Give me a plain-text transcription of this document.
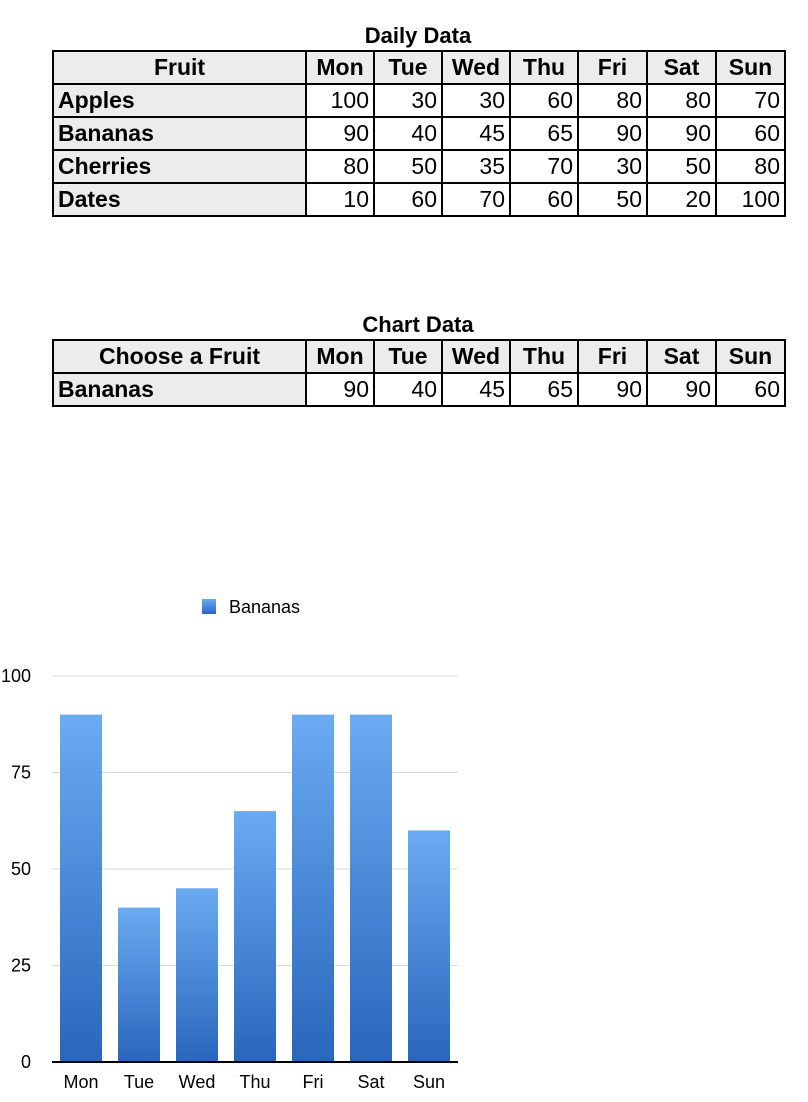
Daily Data
Fruit	Mon	Tue	Wed	Thu	Fri	Sat	Sun
Apples	100	30	30	60	80	80	70
Bananas	90	40	45	65	90	90	60
Cherries	80	50	35	70	30	50	80
Dates	10	60	70	60	50	20	100
Chart Data
Choose a Fruit	Mon	Tue	Wed	Thu	Fri	Sat	Sun
Bananas	90	40	45	65	90	90	60
Bananas
0
25
50
75
100
Mon Tue Wed Thu Fri Sat Sun
